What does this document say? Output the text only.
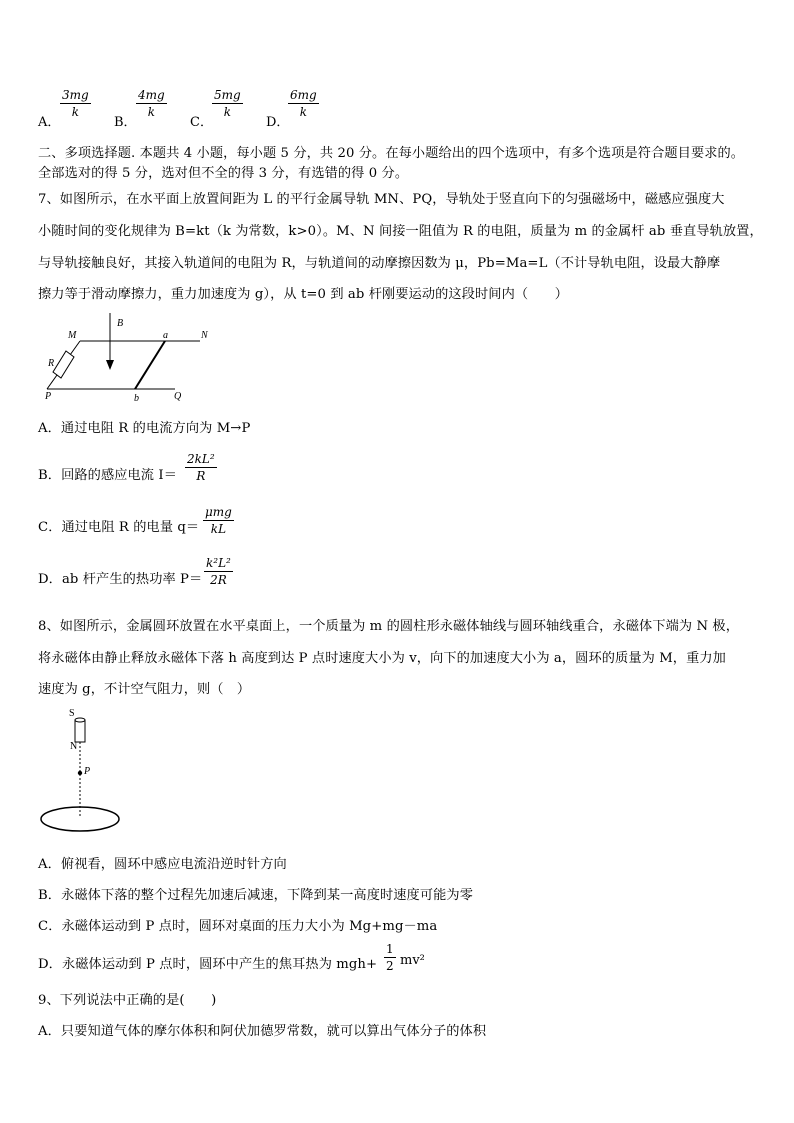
A．
$\frac{3mg}{k}$
B．
$\frac{4mg}{k}$
C．
$\frac{5mg}{k}$
D．
$\frac{6mg}{k}$
二、多项选择题. 本题共 4 小题，每小题 5 分，共 20 分。在每小题给出的四个选项中，有多个选项是符合题目要求的。
全部选对的得 5 分，选对但不全的得 3 分，有选错的得 0 分。
7、如图所示，在水平面上放置间距为 L 的平行金属导轨 MN、PQ，导轨处于竖直向下的匀强磁场中，磁感应强度大
小随时间的变化规律为 B=kt（k 为常数，k>0）。M、N 间接一阻值为 R 的电阻，质量为 m 的金属杆 ab 垂直导轨放置，
与导轨接触良好，其接入轨道间的电阻为 R，与轨道间的动摩擦因数为 μ，Pb=Ma=L（不计导轨电阻，设最大静摩
擦力等于滑动摩擦力，重力加速度为 g），从 t=0 到 ab 杆刚要运动的这段时间内（　　）
B
M	a	N
R
P	b	Q
A．通过电阻 R 的电流方向为 M→P
B．回路的感应电流 $I= \frac{\text{2kL²}}{R}$
C．通过电阻 R 的电量 q＝
μmg
kL
D．ab 杆产生的热功率 $P= \frac{\text{k²L²}}{2R}$
8、如图所示，金属圆环放置在水平桌面上，一个质量为 m 的圆柱形永磁体轴线与圆环轴线重合，永磁体下端为 N 极，
将永磁体由静止释放永磁体下落 h 高度到达 P 点时速度大小为 v，向下的加速度大小为 a，圆环的质量为 M，重力加
速度为 g，不计空气阻力，则（　）
S
N
P
A．俯视看，圆环中感应电流沿逆时针方向
B．永磁体下落的整个过程先加速后减速，下降到某一高度时速度可能为零
C．永磁体运动到 P 点时，圆环对桌面的压力大小为 Mg+mg－ma
D．永磁体运动到 P 点时，圆环中产生的焦耳热为 $mgh+ \frac{1}{2} mv^2$
9、下列说法中正确的是(　　)
A．只要知道气体的摩尔体积和阿伏加德罗常数，就可以算出气体分子的体积
